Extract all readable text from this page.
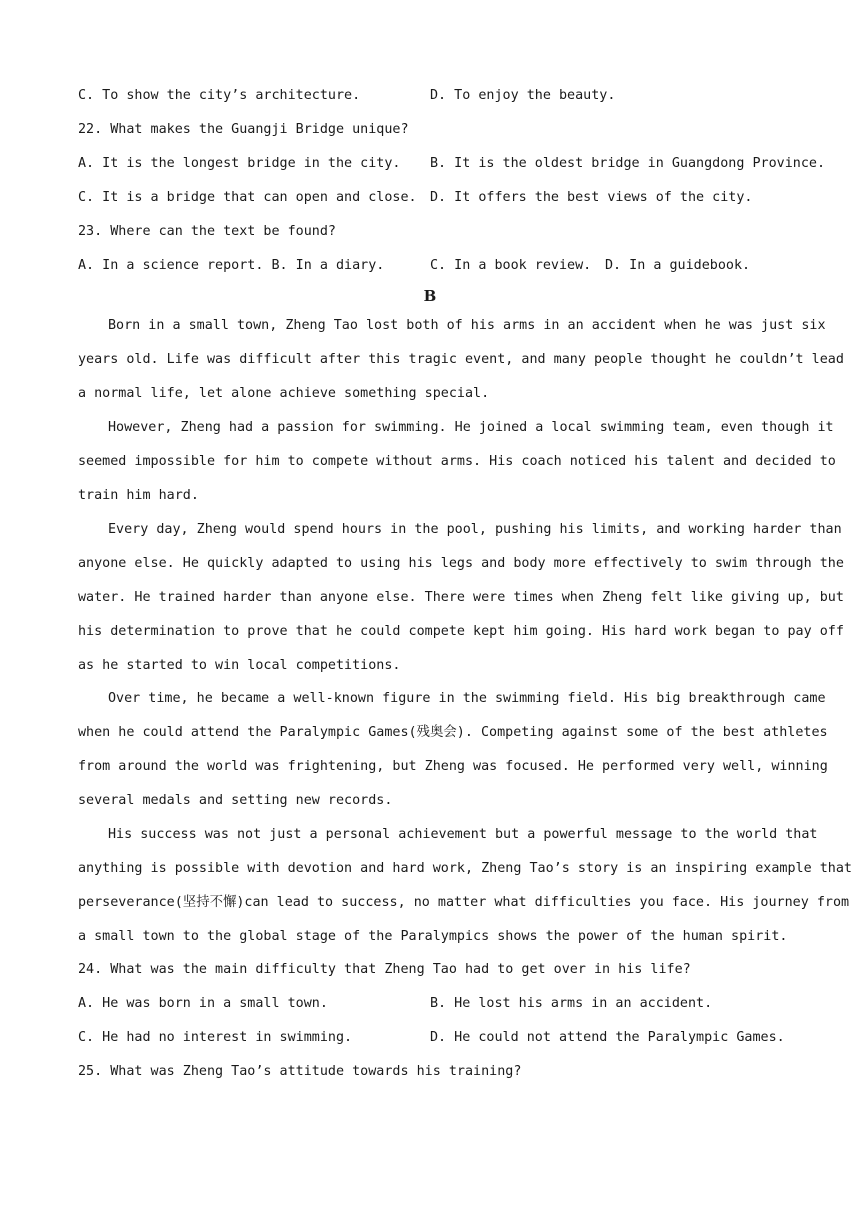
C. To show the city’s architecture.	D. To enjoy the beauty.
22. What makes the Guangji Bridge unique?
A. It is the longest bridge in the city.	B. It is the oldest bridge in Guangdong Province.
C. It is a bridge that can open and close. D. It offers the best views of the city.
23. Where can the text be found?
A. In a science report. B. In a diary.	C. In a book review. D. In a guidebook.
B
Born in a small town, Zheng Tao lost both of his arms in an accident when he was just six
years old. Life was difficult after this tragic event, and many people thought he couldn’t lead
a normal life, let alone achieve something special.
However, Zheng had a passion for swimming. He joined a local swimming team, even though it
seemed impossible for him to compete without arms. His coach noticed his talent and decided to
train him hard.
Every day, Zheng would spend hours in the pool, pushing his limits, and working harder than
anyone else. He quickly adapted to using his legs and body more effectively to swim through the
water. He trained harder than anyone else. There were times when Zheng felt like giving up, but
his determination to prove that he could compete kept him going. His hard work began to pay off
as he started to win local competitions.
Over time, he became a well-known figure in the swimming field. His big breakthrough came
when he could attend the Paralympic Games(残奥会). Competing against some of the best athletes
from around the world was frightening, but Zheng was focused. He performed very well, winning
several medals and setting new records.
His success was not just a personal achievement but a powerful message to the world that
anything is possible with devotion and hard work, Zheng Tao’s story is an inspiring example that
perseverance(坚持不懈)can lead to success, no matter what difficulties you face. His journey from
a small town to the global stage of the Paralympics shows the power of the human spirit.
24. What was the main difficulty that Zheng Tao had to get over in his life?
A. He was born in a small town.	B. He lost his arms in an accident.
C. He had no interest in swimming.	D. He could not attend the Paralympic Games.
25. What was Zheng Tao’s attitude towards his training?
